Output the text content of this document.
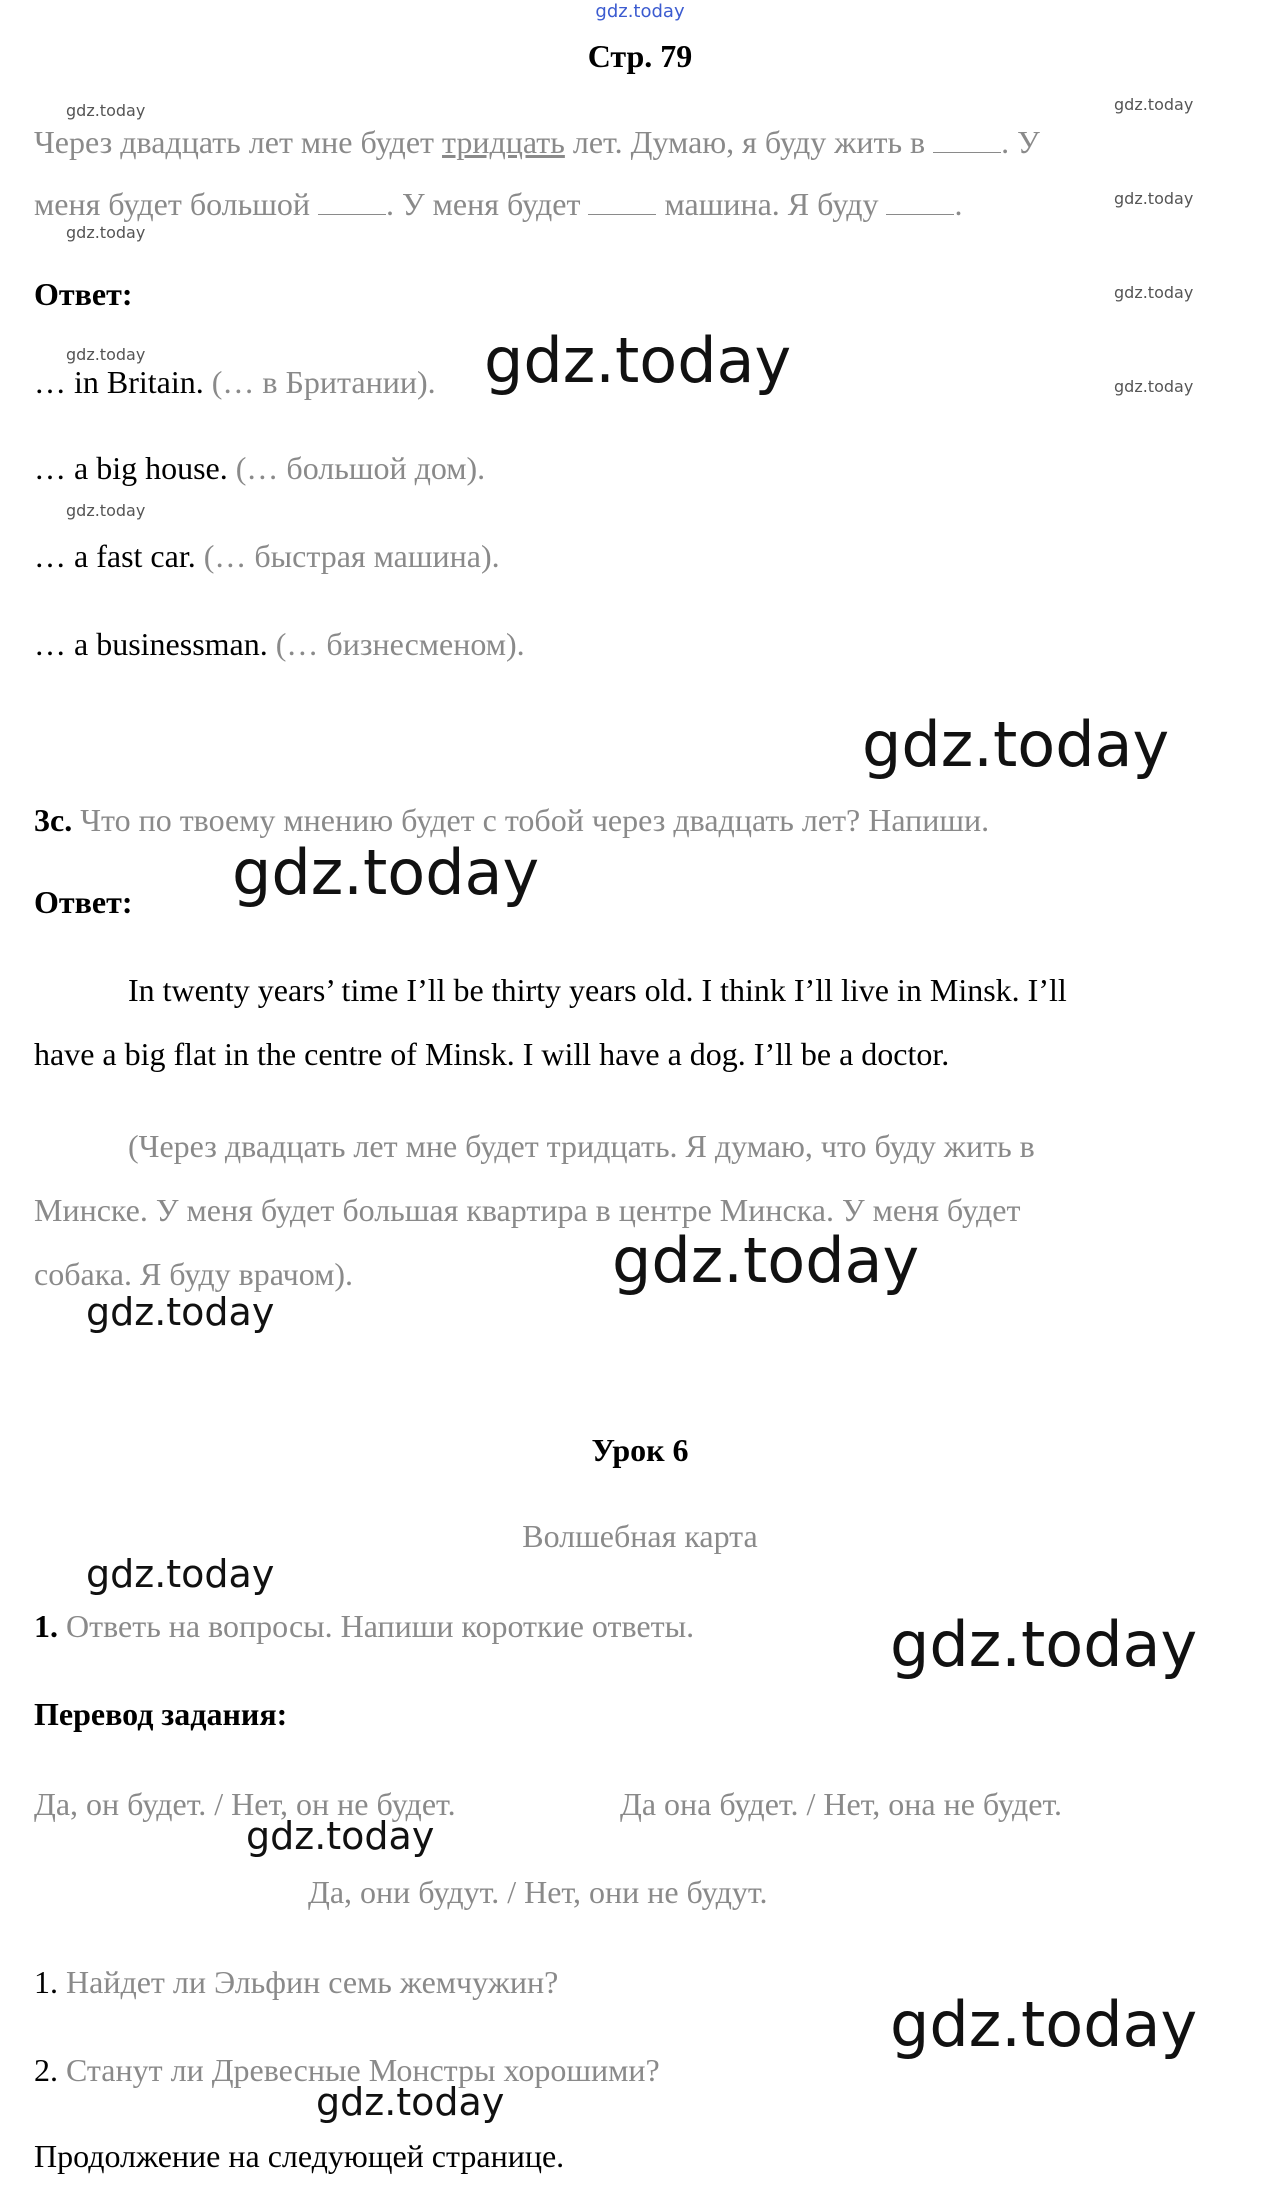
gdz.today
Стр. 79
gdz.today	gdz.today
gdz.today
gdz.today
gdz.today
gdz.today
gdz.today
gdz.today
Через двадцать лет мне будет тридцать лет. Думаю, я буду жить в . У
меня будет большой . У меня будет  машина. Я буду .
Ответ:
… in Britain. (… в Британии).
… a big house. (… большой дом).
… a fast car. (… быстрая машина).
… a businessman. (… бизнесменом).
gdz.today
gdz.today
gdz.today
3c. Что по твоему мнению будет с тобой через двадцать лет? Напиши.
Ответ:
In twenty years’ time I’ll be thirty years old. I think I’ll live in Minsk. I’ll
have a big flat in the centre of Minsk. I will have a dog. I’ll be a doctor.
(Через двадцать лет мне будет тридцать. Я думаю, что буду жить в
Минске. У меня будет большая квартира в центре Минска. У меня будет
собака. Я буду врачом).	gdz.today
gdz.today
Урок 6
Волшебная карта
gdz.today
1. Ответь на вопросы. Напиши короткие ответы.	gdz.today
Перевод задания:
Да, он будет. / Нет, он не будет.	Да она будет. / Нет, она не будет.
gdz.today
Да, они будут. / Нет, они не будут.
1. Найдет ли Эльфин семь жемчужин?
gdz.today
2. Станут ли Древесные Монстры хорошими?
gdz.today
Продолжение на следующей странице.
